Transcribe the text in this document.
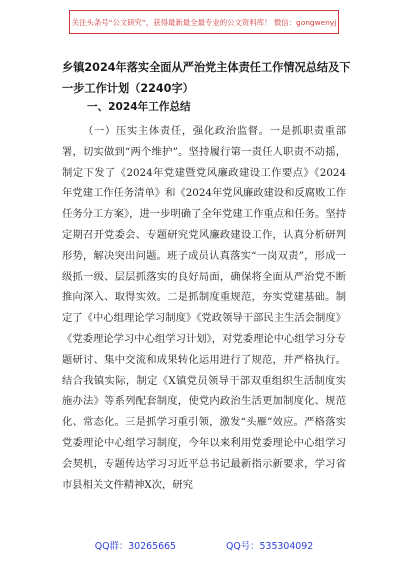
关注头条号“公文研究”，获得最新最全最专业的公文资料库！ 微信：gongwenyj
乡镇2024年落实全面从严治党主体责任工作情况总结及下一步工作计划（2240字）
一、2024年工作总结
（一）压实主体责任，强化政治监督。一是抓职责重部署，切实做到“两个维护”。坚持履行第一责任人职责不动摇，制定下发了《2024年党建暨党风廉政建设工作要点》《2024年党建工作任务清单》和《2024年党风廉政建设和反腐败工作任务分工方案》，进一步明确了全年党建工作重点和任务。坚持定期召开党委会、专题研究党风廉政建设工作，认真分析研判形势，解决突出问题。班子成员认真落实“一岗双责”，形成一级抓一级、层层抓落实的良好局面，确保将全面从严治党不断推向深入、取得实效。二是抓制度重规范，夯实党建基础。制定了《中心组理论学习制度》《党政领导干部民主生活会制度》《党委理论学习中心组学习计划》，对党委理论中心组学习分专题研讨、集中交流和成果转化运用进行了规范，并严格执行。结合我镇实际，制定《X镇党员领导干部双重组织生活制度实施办法》等系列配套制度，使党内政治生活更加制度化、规范化、常态化。三是抓学习重引领，激发“头雁”效应。严格落实党委理论中心组学习制度，今年以来利用党委理论中心组学习会契机，专题传达学习习近平总书记最新指示新要求，学习省市县相关文件精神X次，研究
QQ群：30265665	QQ号：535304092
